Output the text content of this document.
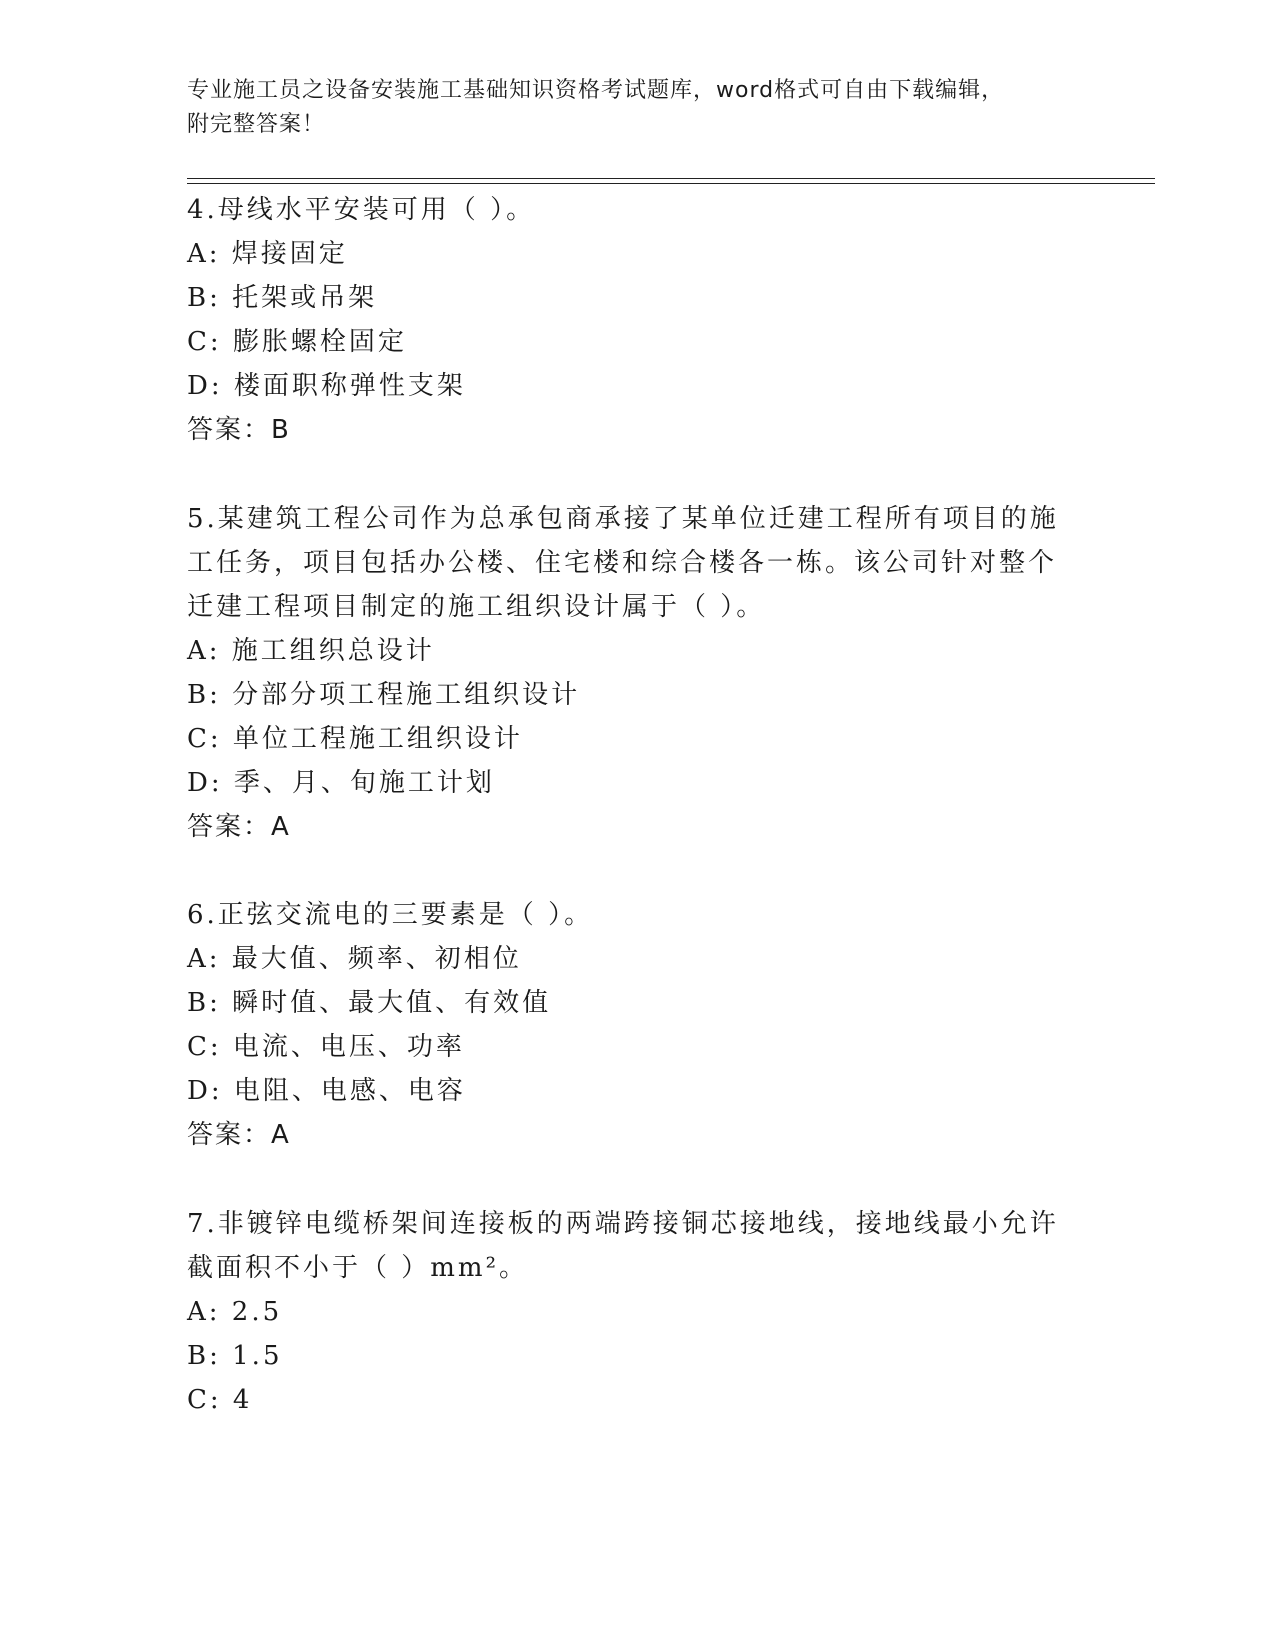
专业施工员之设备安装施工基础知识资格考试题库，word格式可自由下载编辑，
附完整答案！
4.母线水平安装可用（ ）。
A: 焊接固定
B: 托架或吊架
C: 膨胀螺栓固定
D: 楼面职称弹性支架
答案：B
5.某建筑工程公司作为总承包商承接了某单位迁建工程所有项目的施
工任务，项目包括办公楼、住宅楼和综合楼各一栋。该公司针对整个
迁建工程项目制定的施工组织设计属于（ ）。
A: 施工组织总设计
B: 分部分项工程施工组织设计
C: 单位工程施工组织设计
D: 季、月、旬施工计划
答案：A
6.正弦交流电的三要素是（ ）。
A: 最大值、频率、初相位
B: 瞬时值、最大值、有效值
C: 电流、电压、功率
D: 电阻、电感、电容
答案：A
7.非镀锌电缆桥架间连接板的两端跨接铜芯接地线，接地线最小允许
截面积不小于（ ）mm²。
A: 2.5
B: 1.5
C: 4
